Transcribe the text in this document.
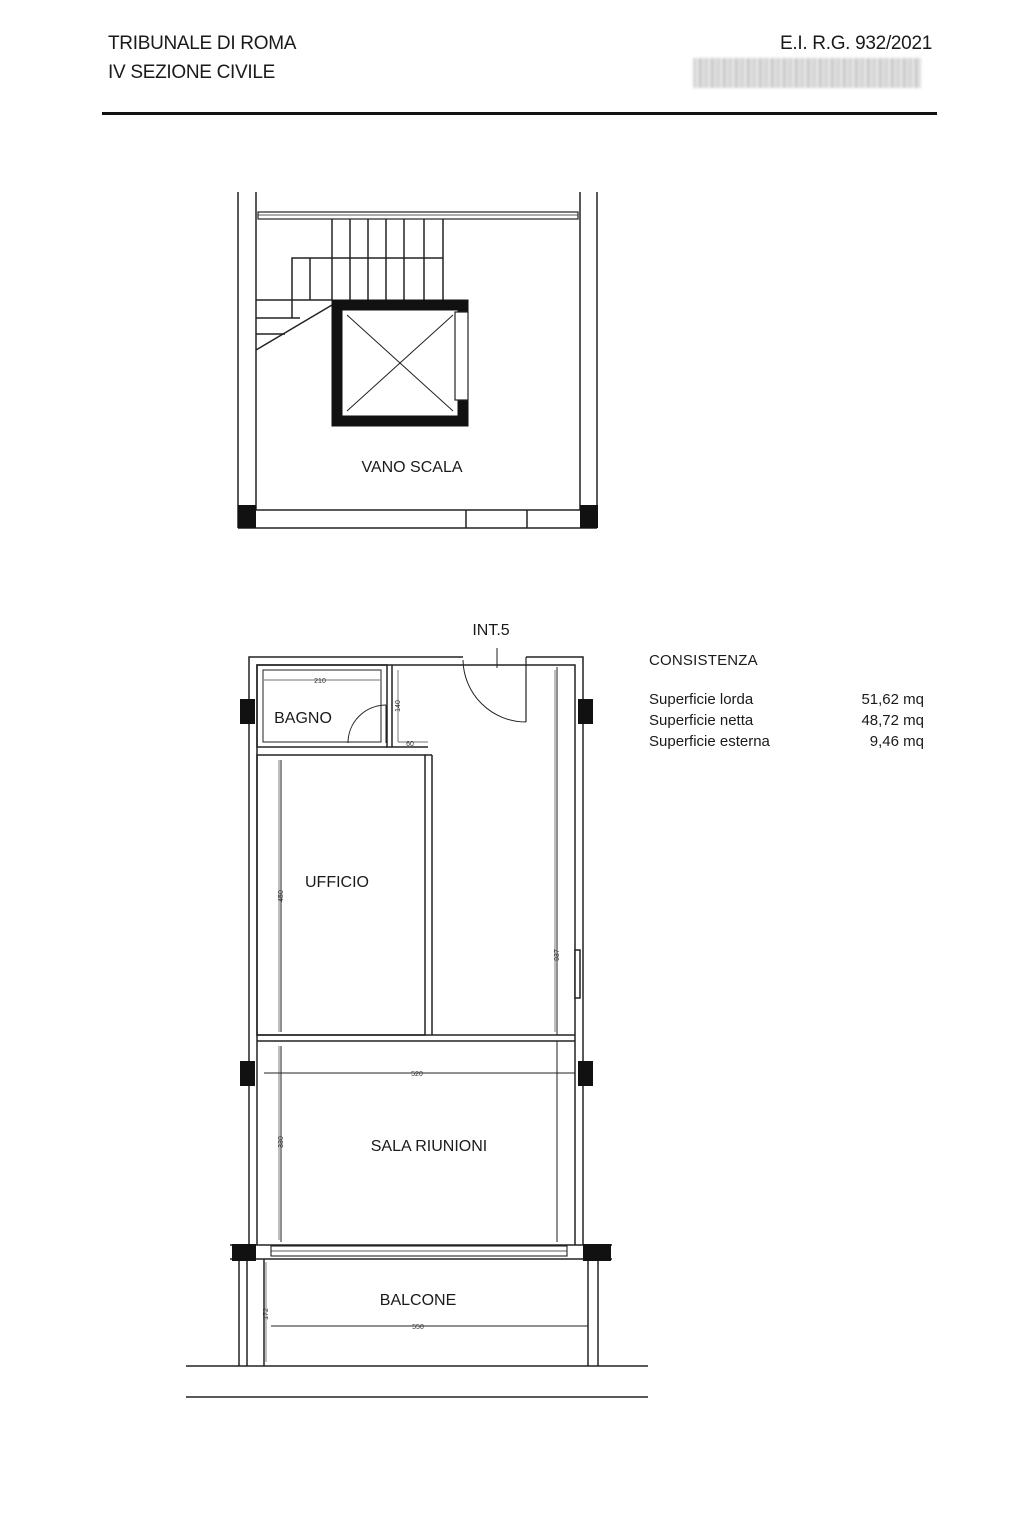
TRIBUNALE DI ROMA
IV SEZIONE CIVILE
E.I. R.G. 932/2021
VANO SCALA
INT.5
BAGNO
UFFICIO
SALA RIUNIONI
BALCONE
210
140
60
450
937
520
330
172
550
CONSISTENZA
Superficie lorda	51,62 mq
Superficie netta	48,72 mq
Superficie esterna	9,46 mq
